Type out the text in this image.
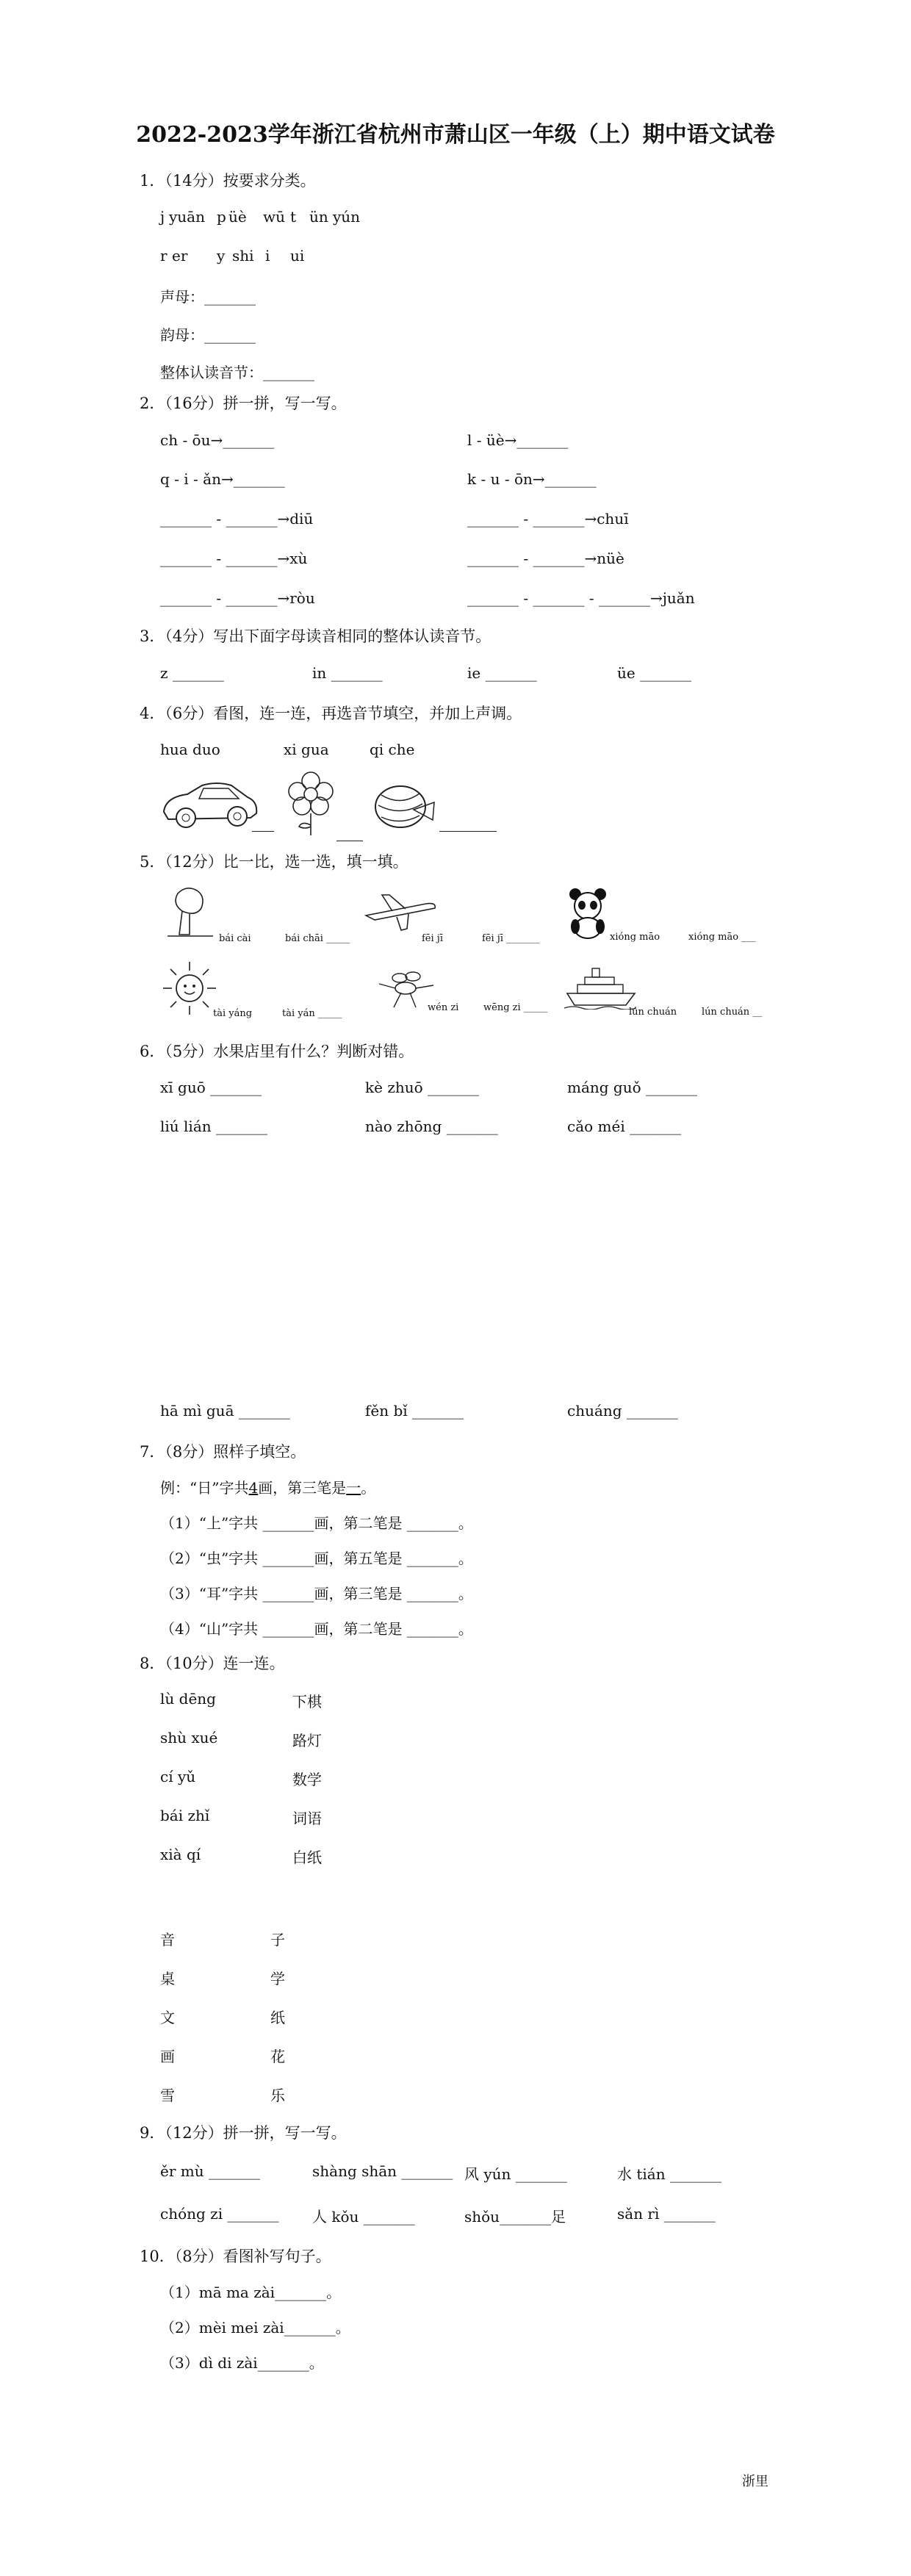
2022-2023学年浙江省杭州市萧山区一年级（上）期中语文试卷
1．（14分）按要求分类。
j yuān p üè wū t ün yún
r er y shi i ui
声母：_______
韵母：_______
整体认读音节：_______
2．（16分）拼一拼，写一写。
ch - ōu→_______	l - üè→_______
q - i - ǎn→_______	k - u - ōn→_______
_______ - _______→diū	_______ - _______→chuī
_______ - _______→xù	_______ - _______→nüè
_______ - _______→ròu	_______ - _______ - _______→juǎn
3．（4分）写出下面字母读音相同的整体认读音节。
z _______	in _______	ie _______	üe _______
4．（6分）看图，连一连，再选音节填空，并加上声调。
hua duo	xi gua	qi che
5．（12分）比一比，选一选，填一填。
bái cài	bái chāi _____	fēi jī	fēi jī _______	xióng māo	xióng māo ___
tài yáng	tài yán _____
wén zi	wēng zi _____	lún chuán	lún chuán __
6．（5分）水果店里有什么？判断对错。
xī guō _______	kè zhuō _______	máng guǒ _______
liú lián _______	nào zhōng _______	cǎo méi _______
hā mì guā _______	fěn bǐ _______	chuáng _______
7．（8分）照样子填空。
例：“日”字共4画，第三笔是一。
（1）“上”字共 _______画，第二笔是 _______。
（2）“虫”字共 _______画，第五笔是 _______。
（3）“耳”字共 _______画，第三笔是 _______。
（4）“山”字共 _______画，第二笔是 _______。
8．（10分）连一连。
lù dēng
shù xué
cí yǔ
bái zhǐ
xià qí
下棋
路灯
数学
词语
白纸
音
桌
文
画
雪
子
学
纸
花
乐
9．（12分）拼一拼，写一写。
ěr mù _______	shàng shān _______ 风 yún _______	水 tián _______
chóng zi _______ 人 kǒu _______	shǒu_______足	sǎn rì _______
10．（8分）看图补写句子。
（1）mā ma zài_______。
（2）mèi mei zài_______。
（3）dì di zài_______。
浙里
